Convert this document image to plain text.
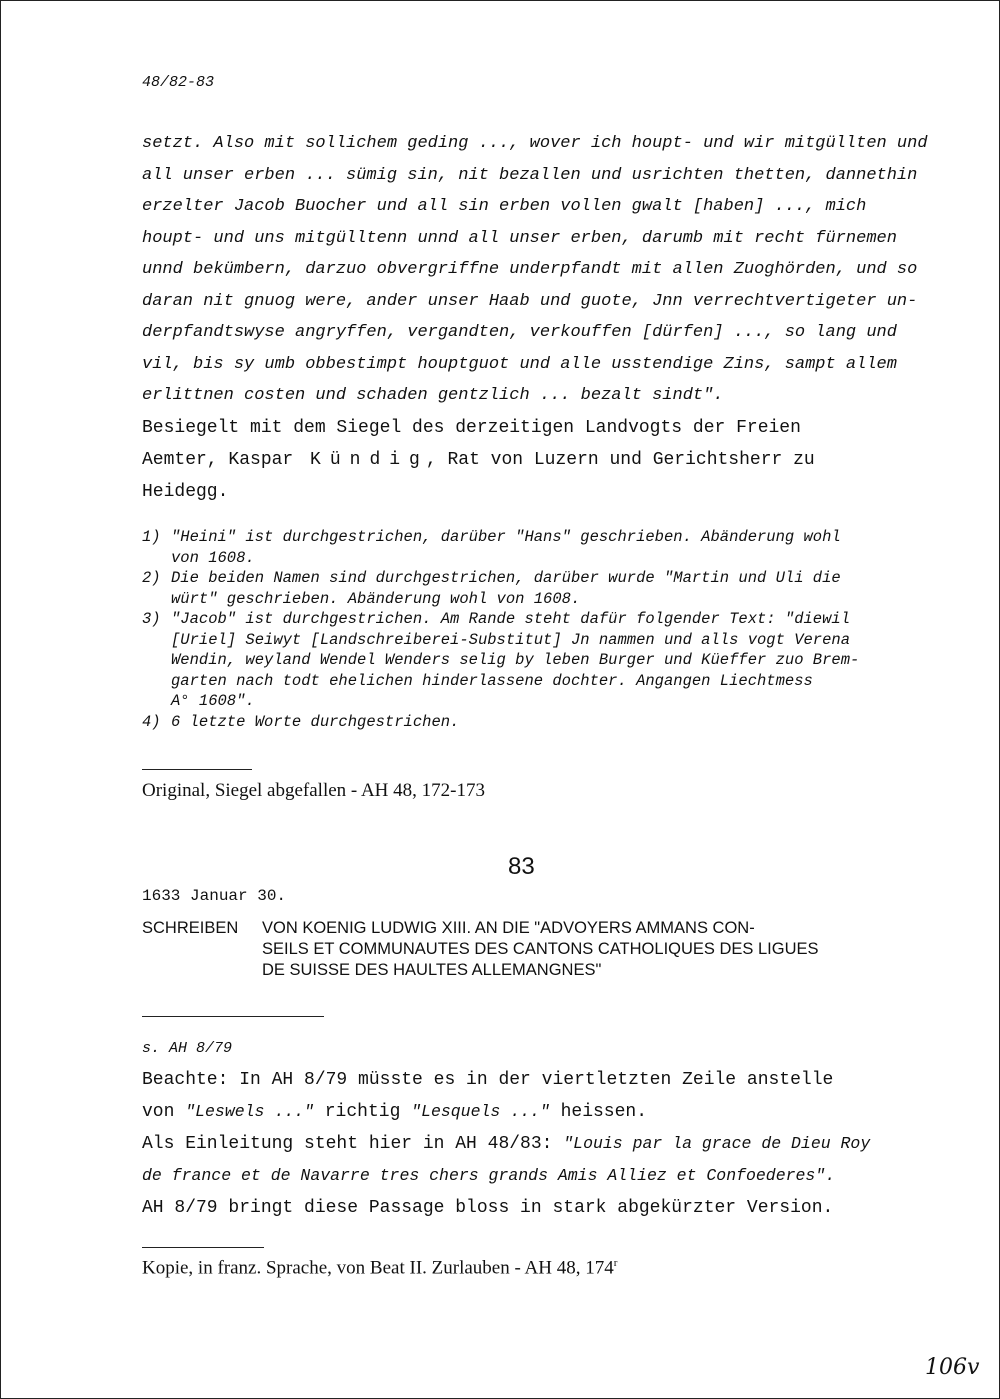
48/82-83

setzt. Also mit sollichem geding ..., wover ich houpt- und wir mitgüllten und

all unser erben ... sümig sin, nit bezallen und usrichten thetten, dannethin

erzelter Jacob Buocher und all sin erben vollen gwalt [haben] ..., mich

houpt- und uns mitgülltenn unnd all unser erben, darumb mit recht fürnemen

unnd bekümbern, darzuo obvergriffne underpfandt mit allen Zuoghörden, und so

daran nit gnuog were, ander unser Haab und guote, Jnn verrechtvertigeter un-

derpfandtswyse angryffen, vergandten, verkouffen [dürfen] ..., so lang und

vil, bis sy umb obbestimpt houptguot und alle usstendige Zins, sampt allem

erlittnen costen und schaden gentzlich ... bezalt sindt".

Besiegelt mit dem Siegel des derzeitigen Landvogts der Freien
Aemter, Kaspar Kündig, Rat von Luzern und Gerichtsherr zu
Heidegg.
1) "Heini" ist durchgestrichen, darüber "Hans" geschrieben. Abänderung wohl
von 1608.
2) Die beiden Namen sind durchgestrichen, darüber wurde "Martin und Uli die
würt" geschrieben. Abänderung wohl von 1608.
3) "Jacob" ist durchgestrichen. Am Rande steht dafür folgender Text: "diewil
[Uriel] Seiwyt [Landschreiberei-Substitut] Jn nammen und alls vogt Verena
Wendin, weyland Wendel Wenders selig by leben Burger und Küeffer zuo Brem-
garten nach todt ehelichen hinderlassene dochter. Angangen Liechtmess
A° 1608".
4) 6 letzte Worte durchgestrichen.
Original, Siegel abgefallen - AH 48, 172-173
83
1633 Januar 30.
SCHREIBEN	VON KOENIG LUDWIG XIII. AN DIE "ADVOYERS AMMANS CON-
SEILS ET COMMUNAUTES DES CANTONS CATHOLIQUES DES LIGUES
DE SUISSE DES HAULTES ALLEMANGNES"
s. AH 8/79

Beachte: In AH 8/79 müsste es in der viertletzten Zeile anstelle

von "Leswels ..." richtig "Lesquels ..." heissen.

Als Einleitung steht hier in AH 48/83: "Louis par la grace de Dieu Roy

de france et de Navarre tres chers grands Amis Alliez et Confoederes".

AH 8/79 bringt diese Passage bloss in stark abgekürzter Version.

Kopie, in franz. Sprache, von Beat II. Zurlauben - AH 48, 174$^r$
106v
